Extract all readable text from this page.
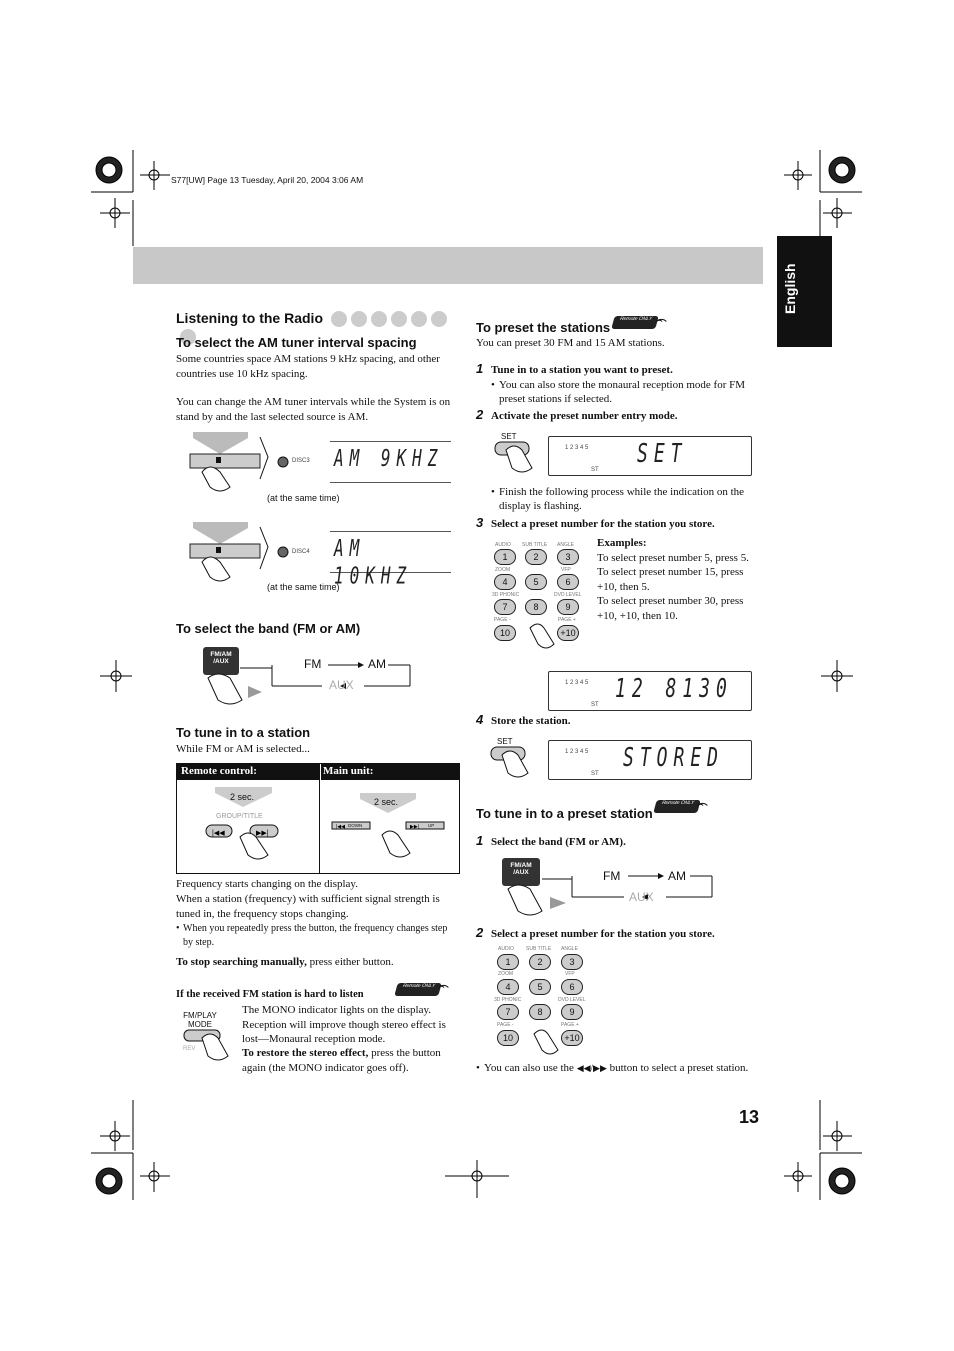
S77[UW] Page 13 Tuesday, April 20, 2004 3:06 AM
English
Listening to the Radio
To select the AM tuner interval spacing
Some countries space AM stations 9 kHz spacing, and other countries use 10 kHz spacing.
You can change the AM tuner intervals while the System is on stand by and the last selected source is AM.
DISC3 AM 9KHZ
(at the same time)
DISC4 AM 10KHZ
(at the same time)
To select the band (FM or AM)
FM/AM /AUX	FM	AM
AUX
To tune in to a station
While FM or AM is selected...
Remote control:	Main unit:
|◀◀	▶▶|
2 sec.
GROUP/TITLE
|◀◀	▶▶|
2 sec.
DOWN	UP
Frequency starts changing on the display.
When a station (frequency) with sufficient signal strength is tuned in, the frequency stops changing.
• When you repeatedly press the button, the frequency changes step by step.
To stop searching manually, press either button.
If the received FM station is hard to listen
Remote ONLY
FM/PLAY MODE
REV
The MONO indicator lights on the display. Reception will improve though stereo effect is lost—Monaural reception mode.
To restore the stereo effect, press the button again (the MONO indicator goes off).
To preset the stations
Remote ONLY
You can preset 30 FM and 15 AM stations.
1 Tune in to a station you want to preset.
• You can also store the monaural reception mode for FM preset stations if selected.
2 Activate the preset number entry mode.
SET
1 2 3 4 5
ST
SET
• Finish the following process while the indication on the display is flashing.
3 Select a preset number for the station you store.
AUDIO SUB TITLE ANGLE
1	2	3
ZOOM	VFP
4	5	6
3D PHONIC	DVD LEVEL
7	8	9
PAGE -	PAGE +
10	+10
Examples:
To select preset number 5, press 5.
To select preset number 15, press +10, then 5.
To select preset number 30, press +10, +10, then 10.
1 2 3 4 5
ST
12 8130
4 Store the station.
SET
1 2 3 4 5
ST
STORED
To tune in to a preset station
Remote ONLY
1 Select the band (FM or AM).
FM/AM /AUX	FM	AM
AUX
2 Select a preset number for the station you store.
AUDIO SUB TITLE ANGLE
1	2	3
ZOOM	VFP
4	5	6
3D PHONIC	DVD LEVEL
7	8	9
PAGE -	PAGE +
10	+10
• You can also use the ◀◀/▶▶ button to select a preset station.
13
